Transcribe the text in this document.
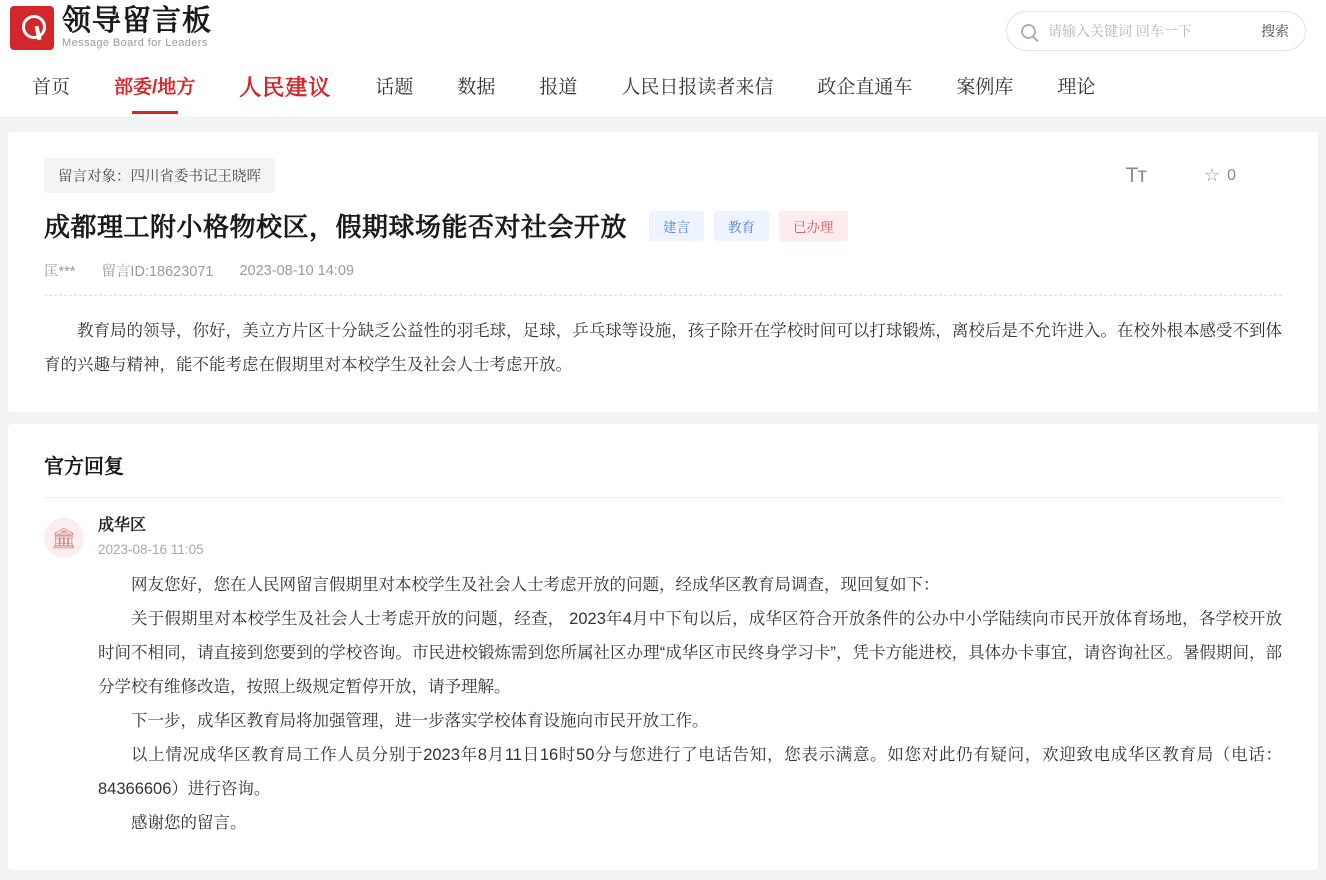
领导留言板
Message Board for Leaders
请输入关键词 回车一下
搜索
首页	部委/地方	人民建议	话题	数据	报道	人民日报读者来信	政企直通车	案例库	理论
留言对象：四川省委书记王晓晖	Tт	☆ 0
成都理工附小格物校区，假期球场能否对社会开放	建言	教育	已办理
匡*** 留言ID:18623071 2023-08-10 14:09
教育局的领导，你好，美立方片区十分缺乏公益性的羽毛球，足球，乒乓球等设施，孩子除开在学校时间可以打球锻炼，离校后是不允许进入。在校外根本感受不到体育的兴趣与精神，能不能考虑在假期里对本校学生及社会人士考虑开放。
官方回复
🏛
成华区
2023-08-16 11:05

网友您好，您在人民网留言假期里对本校学生及社会人士考虑开放的问题，经成华区教育局调查，现回复如下：

关于假期里对本校学生及社会人士考虑开放的问题，经查， 2023年4月中下旬以后，成华区符合开放条件的公办中小学陆续向市民开放体育场地，各学校开放时间不相同，请直接到您要到的学校咨询。市民进校锻炼需到您所属社区办理“成华区市民终身学习卡”，凭卡方能进校，具体办卡事宜，请咨询社区。暑假期间，部分学校有维修改造，按照上级规定暂停开放，请予理解。

下一步，成华区教育局将加强管理，进一步落实学校体育设施向市民开放工作。

以上情况成华区教育局工作人员分别于2023年8月11日16时50分与您进行了电话告知，您表示满意。如您对此仍有疑问，欢迎致电成华区教育局（电话：84366606）进行咨询。

感谢您的留言。
